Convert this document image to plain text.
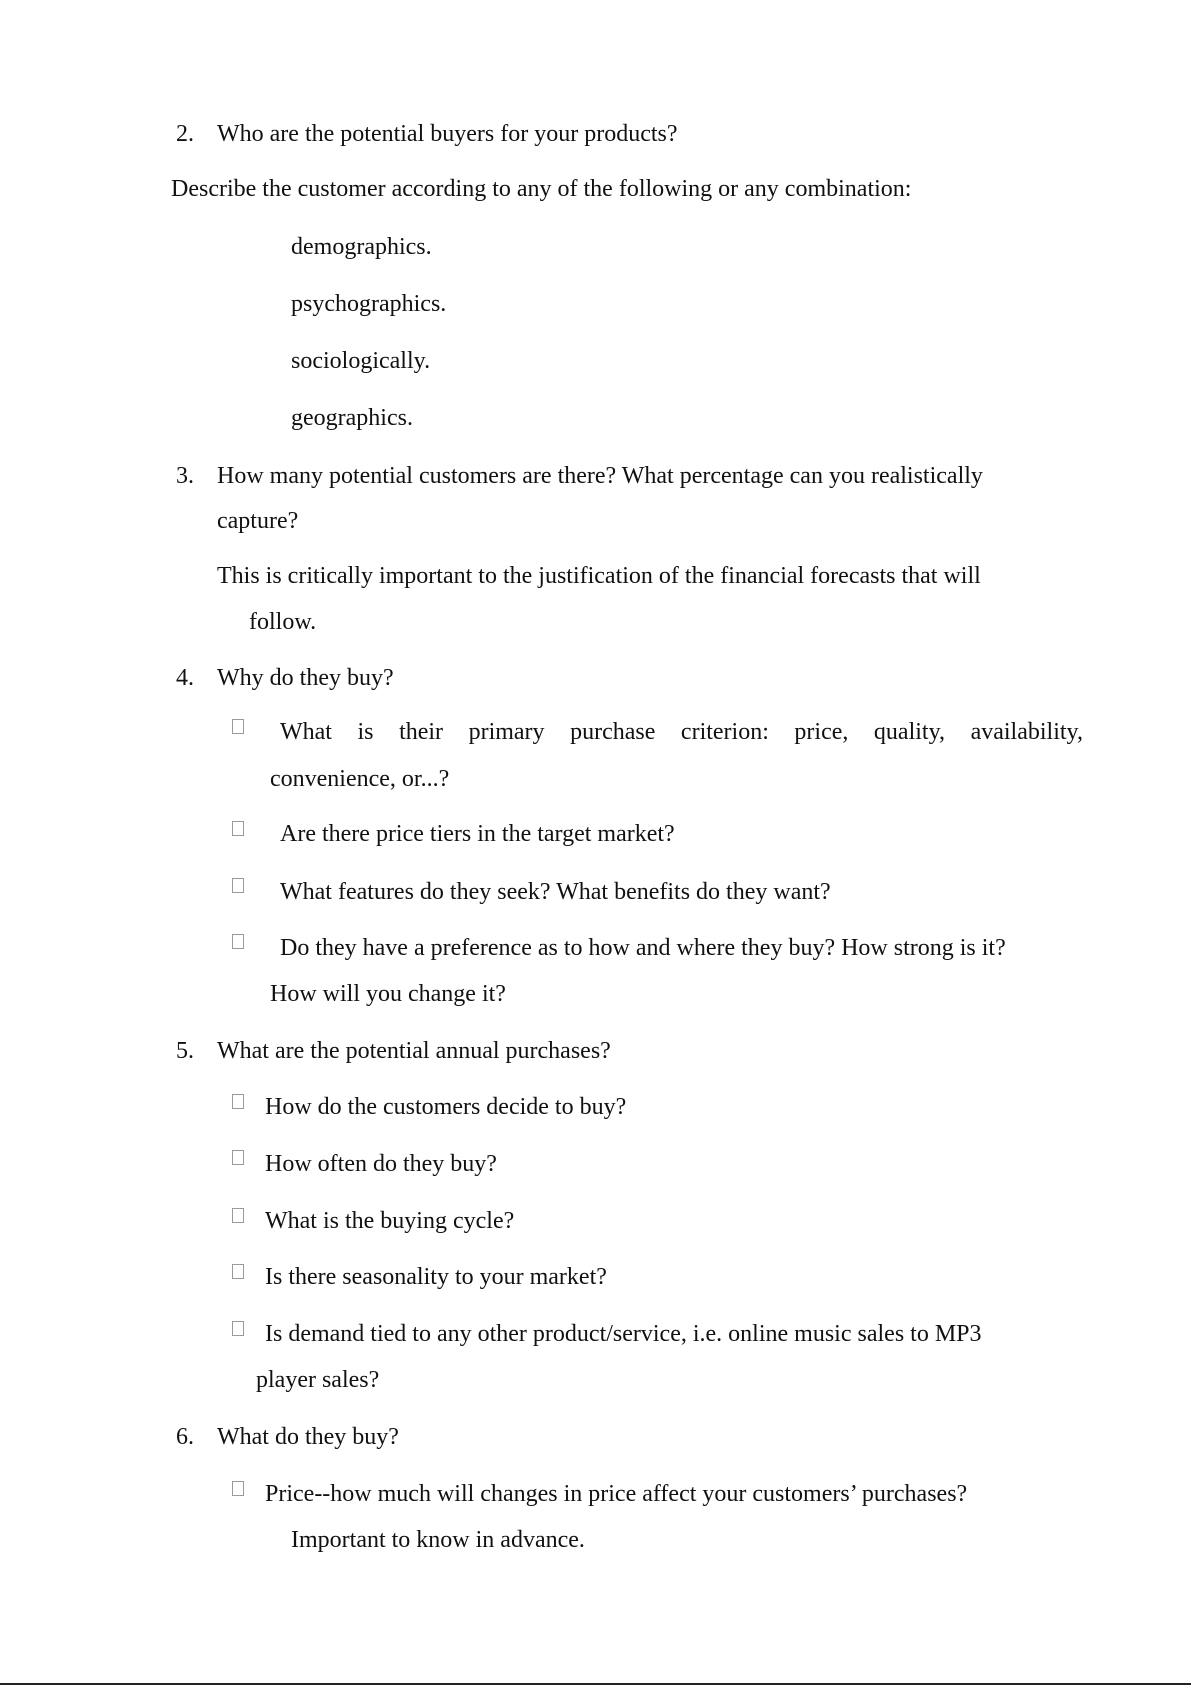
2. Who are the potential buyers for your products?
Describe the customer according to any of the following or any combination:
demographics.
psychographics.
sociologically.
geographics.
3. How many potential customers are there? What percentage can you realistically
capture?
This is critically important to the justification of the financial forecasts that will
follow.
4. Why do they buy?
What is their primary purchase criterion: price, quality, availability,
convenience, or...?
Are there price tiers in the target market?
What features do they seek? What benefits do they want?
Do they have a preference as to how and where they buy? How strong is it?
How will you change it?
5. What are the potential annual purchases?
How do the customers decide to buy?
How often do they buy?
What is the buying cycle?
Is there seasonality to your market?
Is demand tied to any other product/service, i.e. online music sales to MP3
player sales?
6. What do they buy?
Price--how much will changes in price affect your customers’ purchases?
Important to know in advance.
